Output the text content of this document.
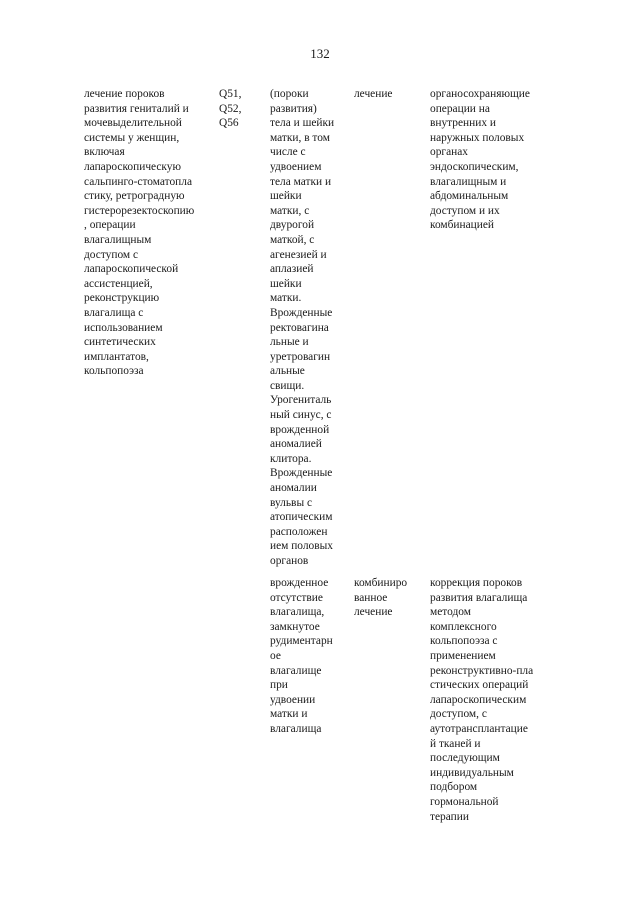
132
лечение пороков
развития гениталий и
мочевыделительной
системы у женщин,
включая
лапароскопическую
сальпинго-стоматопла
стику, ретроградную
гистерорезектоскопию
, операции
влагалищным
доступом с
лапароскопической
ассистенцией,
реконструкцию
влагалища с
использованием
синтетических
имплантатов,
кольпопоэза
Q51,
Q52,
Q56
(пороки
развития)
тела и шейки
матки, в том
числе с
удвоением
тела матки и
шейки
матки, с
двурогой
маткой, с
агенезией и
аплазией
шейки
матки.
Врожденные
ректовагина
льные и
уретровагин
альные
свищи.
Урогениталь
ный синус, с
врожденной
аномалией
клитора.
Врожденные
аномалии
вульвы с
атопическим
расположен
ием половых
органов
лечение	органосохраняющие
операции на
внутренних и
наружных половых
органах
эндоскопическим,
влагалищным и
абдоминальным
доступом и их
комбинацией
врожденное
отсутствие
влагалища,
замкнутое
рудиментарн
ое
влагалище
при
удвоении
матки и
влагалища
комбиниро
ванное
лечение
коррекция пороков
развития влагалища
методом
комплексного
кольпопоэза с
применением
реконструктивно-пла
стических операций
лапароскопическим
доступом, с
аутотрансплантацие
й тканей и
последующим
индивидуальным
подбором
гормональной
терапии
